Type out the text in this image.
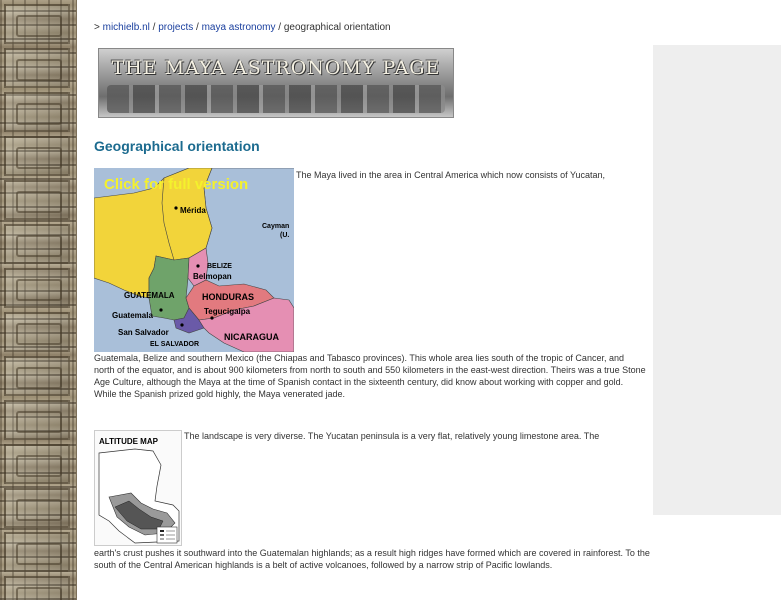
> michielb.nl / projects / maya astronomy / geographical orientation
THE MAYA ASTRONOMY PAGE
Geographical orientation
Mérida
Cayman
(U.
BELIZE
Belmopan
GUATEMALA	HONDURAS
Guatemala	Tegucigalpa
San Salvador
EL SALVADOR
NICARAGUA
Click for full version
The Maya lived in the area in Central America which now consists of Yucatan,
Guatemala, Belize and southern Mexico (the Chiapas and Tabasco provinces). This whole area lies south of the tropic of Cancer, and north of the equator, and is about 900 kilometers from north to south and 550 kilometers in the east-west direction. Theirs was a true Stone Age Culture, although the Maya at the time of Spanish contact in the sixteenth century, did know about working with copper and gold. While the Spanish prized gold highly, the Maya venerated jade.
ALTITUDE MAP
The landscape is very diverse. The Yucatan peninsula is a very flat, relatively young limestone area. The
earth's crust pushes it southward into the Guatemalan highlands; as a result high ridges have formed which are covered in rainforest. To the south of the Central American highlands is a belt of active volcanoes, followed by a narrow strip of Pacific lowlands.
